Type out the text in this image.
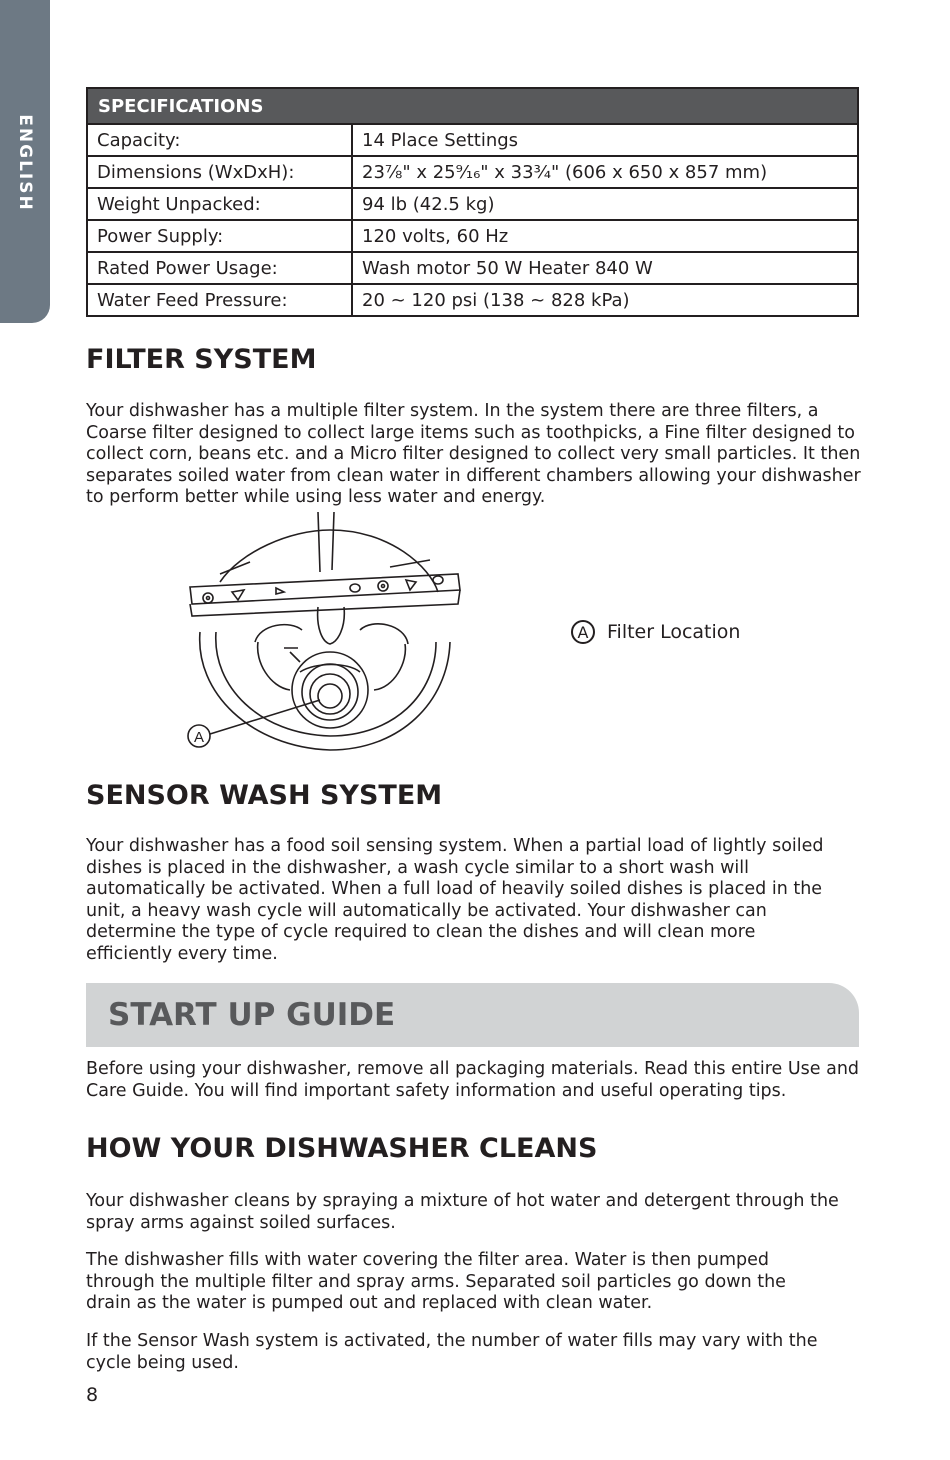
ENGLISH
SPECIFICATIONS	
Capacity:	14 Place Settings
Dimensions (WxDxH):	23⅞" x 25⁹⁄₁₆" x 33¾" (606 x 650 x 857 mm)
Weight Unpacked:	94 lb (42.5 kg)
Power Supply:	120 volts, 60 Hz
Rated Power Usage:	Wash motor 50 W Heater 840 W
Water Feed Pressure:	20 ~ 120 psi (138 ~ 828 kPa)
FILTER SYSTEM

Your dishwasher has a multiple filter system. In the system there are three filters, a Coarse filter designed to collect large items such as toothpicks, a Fine filter designed to collect corn, beans etc. and a Micro filter designed to collect very small particles. It then separates soiled water from clean water in different chambers allowing your dishwasher to perform better while using less water and energy.

A
A Filter Location
SENSOR WASH SYSTEM

Your dishwasher has a food soil sensing system. When a partial load of lightly soiled dishes is placed in the dishwasher, a wash cycle similar to a short wash will automatically be activated. When a full load of heavily soiled dishes is placed in the unit, a heavy wash cycle will automatically be activated. Your dishwasher can determine the type of cycle required to clean the dishes and will clean more efficiently every time.

START UP GUIDE

Before using your dishwasher, remove all packaging materials. Read this entire Use and Care Guide. You will find important safety information and useful operating tips.

HOW YOUR DISHWASHER CLEANS

Your dishwasher cleans by spraying a mixture of hot water and detergent through the spray arms against soiled surfaces.

The dishwasher fills with water covering the filter area. Water is then pumped through the multiple filter and spray arms. Separated soil particles go down the drain as the water is pumped out and replaced with clean water.

If the Sensor Wash system is activated, the number of water fills may vary with the cycle being used.

8
